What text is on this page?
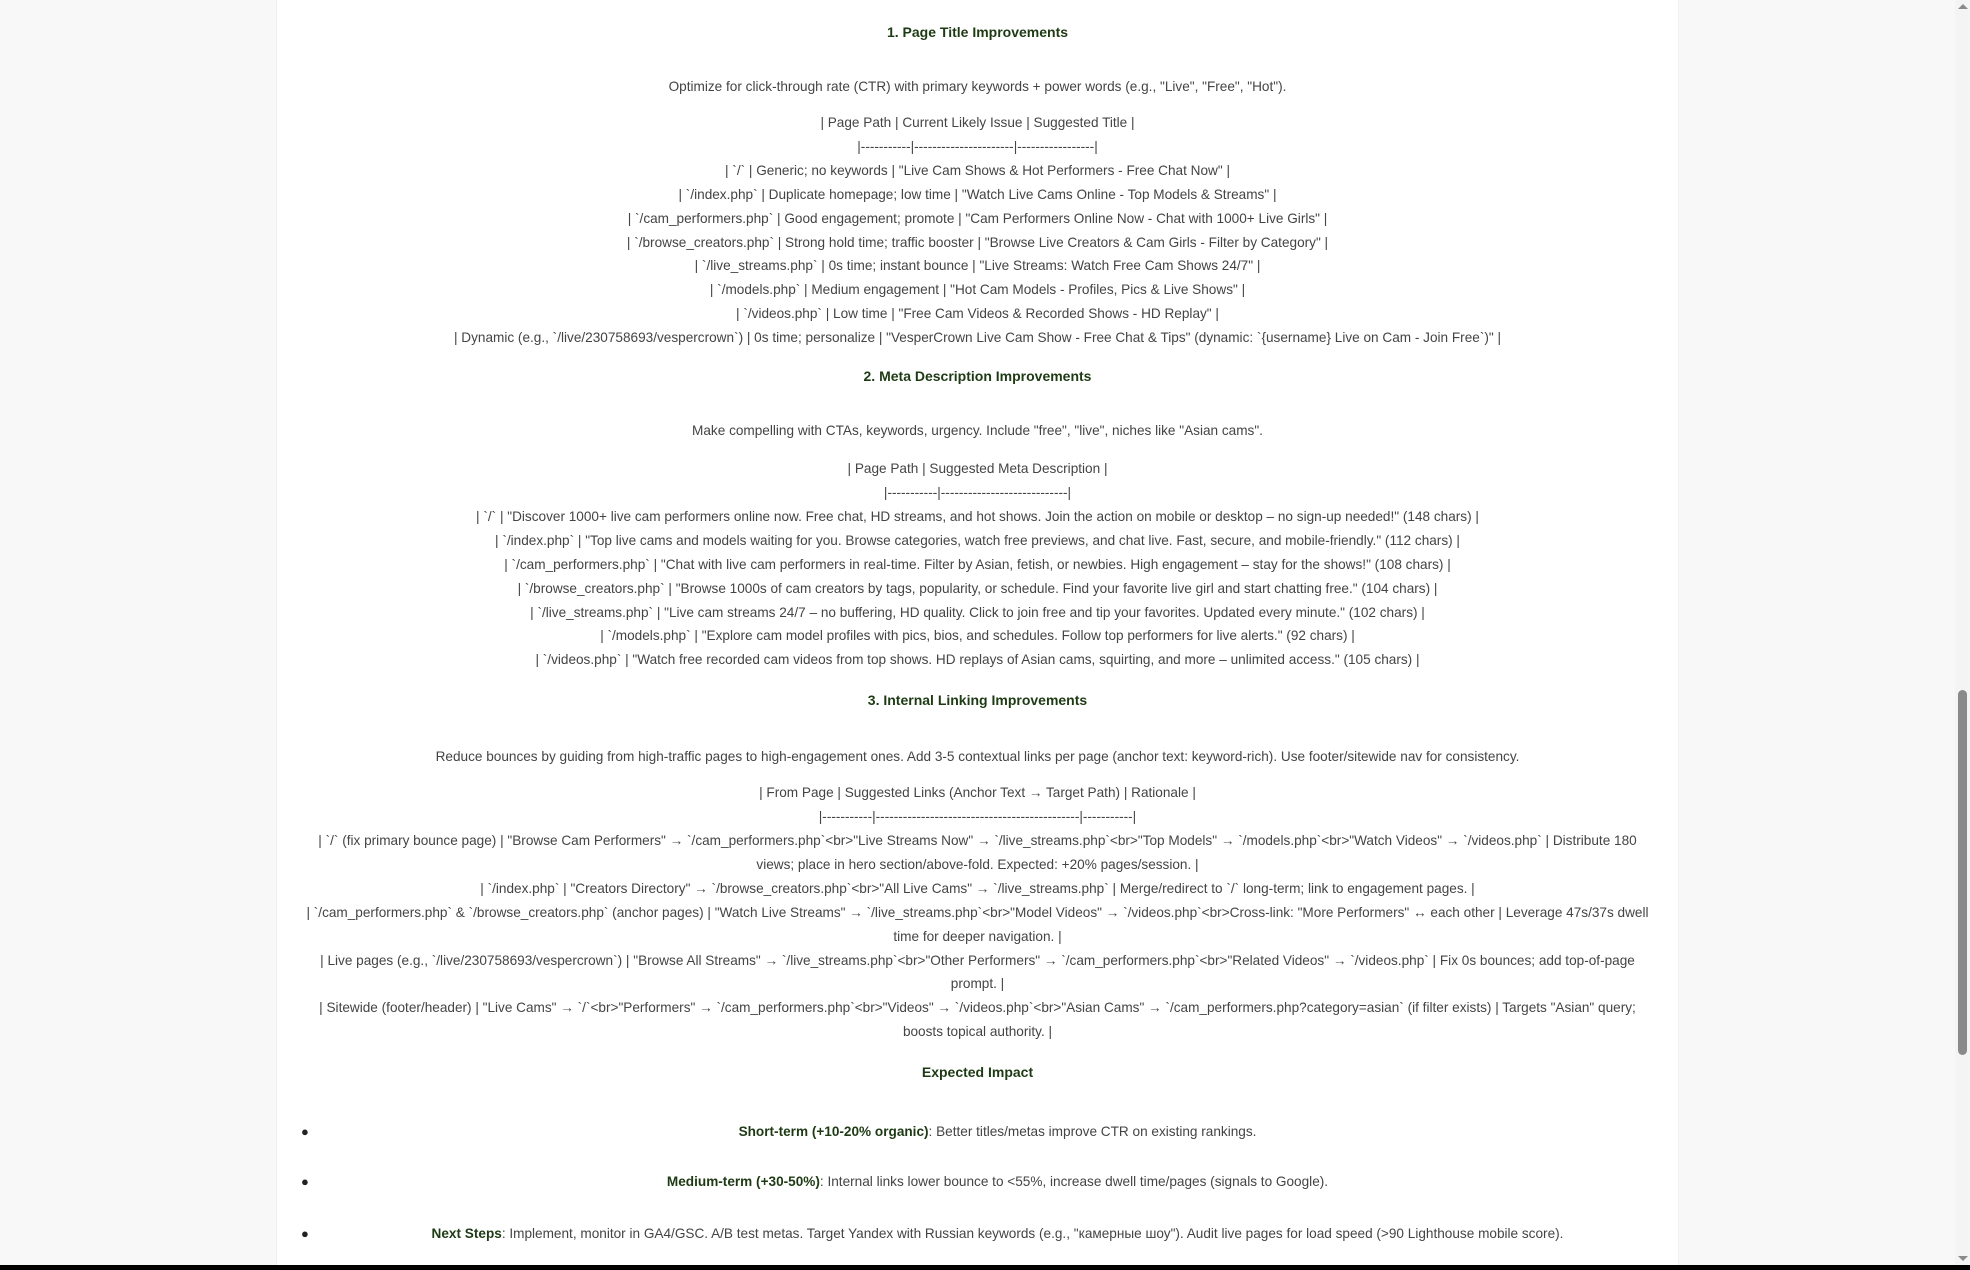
1. Page Title Improvements

Optimize for click-through rate (CTR) with primary keywords + power words (e.g., "Live", "Free", "Hot").

| Page Path | Current Likely Issue | Suggested Title |

|-----------|----------------------|-----------------|

| `/` | Generic; no keywords | "Live Cam Shows & Hot Performers - Free Chat Now" |

| `/index.php` | Duplicate homepage; low time | "Watch Live Cams Online - Top Models & Streams" |

| `/cam_performers.php` | Good engagement; promote | "Cam Performers Online Now - Chat with 1000+ Live Girls" |

| `/browse_creators.php` | Strong hold time; traffic booster | "Browse Live Creators & Cam Girls - Filter by Category" |

| `/live_streams.php` | 0s time; instant bounce | "Live Streams: Watch Free Cam Shows 24/7" |

| `/models.php` | Medium engagement | "Hot Cam Models - Profiles, Pics & Live Shows" |

| `/videos.php` | Low time | "Free Cam Videos & Recorded Shows - HD Replay" |

| Dynamic (e.g., `/live/230758693/vespercrown`) | 0s time; personalize | "VesperCrown Live Cam Show - Free Chat & Tips" (dynamic: `{username} Live on Cam - Join Free`)" |

2. Meta Description Improvements

Make compelling with CTAs, keywords, urgency. Include "free", "live", niches like "Asian cams".

| Page Path | Suggested Meta Description |

|-----------|----------------------------|

| `/` | "Discover 1000+ live cam performers online now. Free chat, HD streams, and hot shows. Join the action on mobile or desktop – no sign-up needed!" (148 chars) |

| `/index.php` | "Top live cams and models waiting for you. Browse categories, watch free previews, and chat live. Fast, secure, and mobile-friendly." (112 chars) |

| `/cam_performers.php` | "Chat with live cam performers in real-time. Filter by Asian, fetish, or newbies. High engagement – stay for the shows!" (108 chars) |

| `/browse_creators.php` | "Browse 1000s of cam creators by tags, popularity, or schedule. Find your favorite live girl and start chatting free." (104 chars) |

| `/live_streams.php` | "Live cam streams 24/7 – no buffering, HD quality. Click to join free and tip your favorites. Updated every minute." (102 chars) |

| `/models.php` | "Explore cam model profiles with pics, bios, and schedules. Follow top performers for live alerts." (92 chars) |

| `/videos.php` | "Watch free recorded cam videos from top shows. HD replays of Asian cams, squirting, and more – unlimited access." (105 chars) |

3. Internal Linking Improvements

Reduce bounces by guiding from high-traffic pages to high-engagement ones. Add 3-5 contextual links per page (anchor text: keyword-rich). Use footer/sitewide nav for consistency.

| From Page | Suggested Links (Anchor Text → Target Path) | Rationale |

|-----------|---------------------------------------------|-----------|

| `/` (fix primary bounce page) | "Browse Cam Performers" → `/cam_performers.php`<br>"Live Streams Now" → `/live_streams.php`<br>"Top Models" → `/models.php`<br>"Watch Videos" → `/videos.php` | Distribute 180 views; place in hero section/above-fold. Expected: +20% pages/session. |

| `/index.php` | "Creators Directory" → `/browse_creators.php`<br>"All Live Cams" → `/live_streams.php` | Merge/redirect to `/` long-term; link to engagement pages. |

| `/cam_performers.php` & `/browse_creators.php` (anchor pages) | "Watch Live Streams" → `/live_streams.php`<br>"Model Videos" → `/videos.php`<br>Cross-link: "More Performers" ↔ each other | Leverage 47s/37s dwell time for deeper navigation. |

| Live pages (e.g., `/live/230758693/vespercrown`) | "Browse All Streams" → `/live_streams.php`<br>"Other Performers" → `/cam_performers.php`<br>"Related Videos" → `/videos.php` | Fix 0s bounces; add top-of-page prompt. |

| Sitewide (footer/header) | "Live Cams" → `/`<br>"Performers" → `/cam_performers.php`<br>"Videos" → `/videos.php`<br>"Asian Cams" → `/cam_performers.php?category=asian` (if filter exists) | Targets "Asian" query; boosts topical authority. |

Expected Impact
●	Short-term (+10-20% organic): Better titles/metas improve CTR on existing rankings.
●	Medium-term (+30-50%): Internal links lower bounce to <55%, increase dwell time/pages (signals to Google).
●	Next Steps: Implement, monitor in GA4/GSC. A/B test metas. Target Yandex with Russian keywords (e.g., "камерные шоу"). Audit live pages for load speed (>90 Lighthouse mobile score).
